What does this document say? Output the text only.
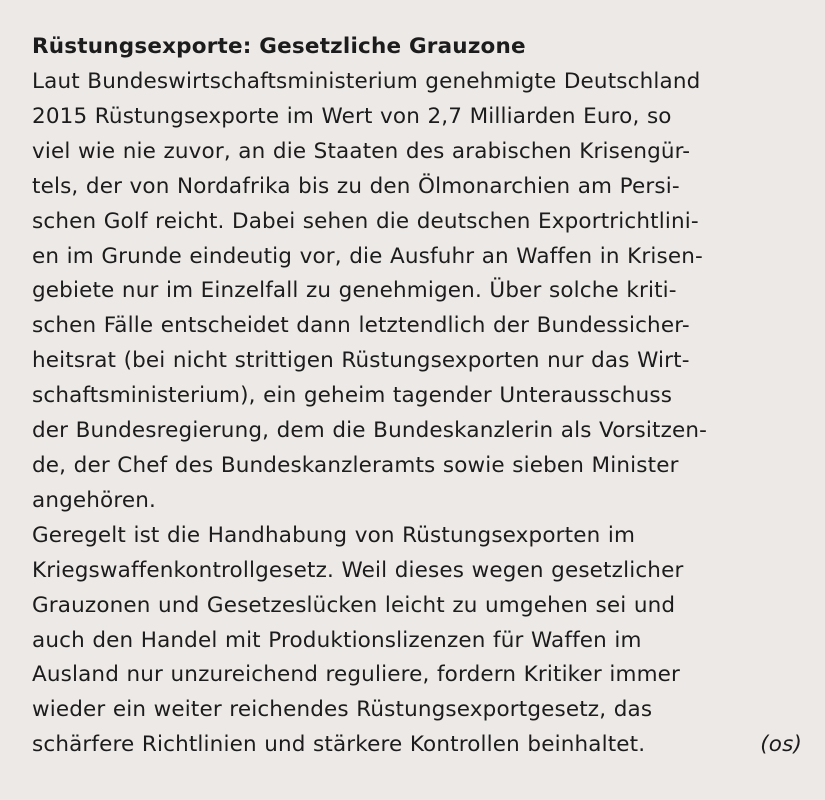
Rüstungsexporte: Gesetzliche Grauzone
Laut Bundeswirtschaftsministerium genehmigte Deutschland
2015 Rüstungsexporte im Wert von 2,7 Milliarden Euro, so
viel wie nie zuvor, an die Staaten des arabischen Krisengür-
tels, der von Nordafrika bis zu den Ölmonarchien am Persi-
schen Golf reicht. Dabei sehen die deutschen Exportrichtlini-
en im Grunde eindeutig vor, die Ausfuhr an Waffen in Krisen-
gebiete nur im Einzelfall zu genehmigen. Über solche kriti-
schen Fälle entscheidet dann letztendlich der Bundessicher-
heitsrat (bei nicht strittigen Rüstungsexporten nur das Wirt-
schaftsministerium), ein geheim tagender Unterausschuss
der Bundesregierung, dem die Bundeskanzlerin als Vorsitzen-
de, der Chef des Bundeskanzleramts sowie sieben Minister
angehören.
Geregelt ist die Handhabung von Rüstungsexporten im
Kriegswaffenkontrollgesetz. Weil dieses wegen gesetzlicher
Grauzonen und Gesetzeslücken leicht zu umgehen sei und
auch den Handel mit Produktionslizenzen für Waffen im
Ausland nur unzureichend reguliere, fordern Kritiker immer
wieder ein weiter reichendes Rüstungsexportgesetz, das
schärfere Richtlinien und stärkere Kontrollen beinhaltet.	(os)
